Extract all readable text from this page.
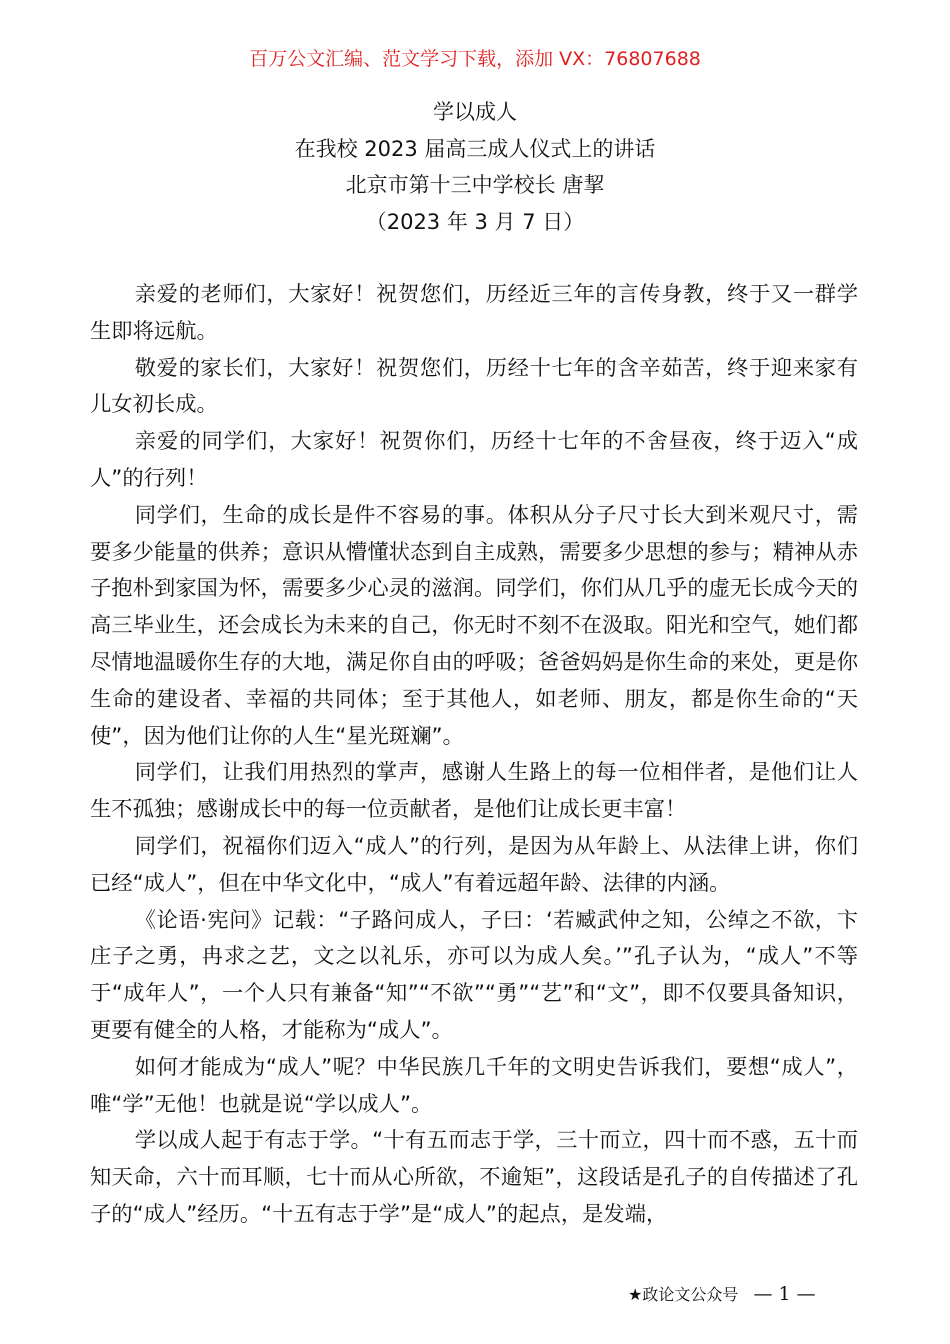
百万公文汇编、范文学习下载，添加 VX：76807688
学以成人
在我校 2023 届高三成人仪式上的讲话
北京市第十三中学校长 唐挈
（2023 年 3 月 7 日）

亲爱的老师们，大家好！祝贺您们，历经近三年的言传身教，终于又一群学生即将远航。

敬爱的家长们，大家好！祝贺您们，历经十七年的含辛茹苦，终于迎来家有儿女初长成。

亲爱的同学们，大家好！祝贺你们，历经十七年的不舍昼夜，终于迈入“成人”的行列！

同学们，生命的成长是件不容易的事。体积从分子尺寸长大到米观尺寸，需要多少能量的供养；意识从懵懂状态到自主成熟，需要多少思想的参与；精神从赤子抱朴到家国为怀，需要多少心灵的滋润。同学们，你们从几乎的虚无长成今天的高三毕业生，还会成长为未来的自己，你无时不刻不在汲取。阳光和空气，她们都尽情地温暖你生存的大地，满足你自由的呼吸；爸爸妈妈是你生命的来处，更是你生命的建设者、幸福的共同体；至于其他人，如老师、朋友，都是你生命的“天使”，因为他们让你的人生“星光斑斓”。

同学们，让我们用热烈的掌声，感谢人生路上的每一位相伴者，是他们让人生不孤独；感谢成长中的每一位贡献者，是他们让成长更丰富！

同学们，祝福你们迈入“成人”的行列，是因为从年龄上、从法律上讲，你们已经“成人”，但在中华文化中，“成人”有着远超年龄、法律的内涵。

《论语·宪问》记载：“子路问成人，子曰：‘若臧武仲之知，公绰之不欲，卞庄子之勇，冉求之艺，文之以礼乐，亦可以为成人矣。’”孔子认为，“成人”不等于“成年人”，一个人只有兼备“知”“不欲”“勇”“艺”和“文”，即不仅要具备知识，更要有健全的人格，才能称为“成人”。

如何才能成为“成人”呢？中华民族几千年的文明史告诉我们，要想“成人”，唯“学”无他！也就是说“学以成人”。

学以成人起于有志于学。“十有五而志于学，三十而立，四十而不惑，五十而知天命，六十而耳顺，七十而从心所欲，不逾矩”，这段话是孔子的自传描述了孔子的“成人”经历。“十五有志于学”是“成人”的起点，是发端，

★政论文公众号 — 1 —
